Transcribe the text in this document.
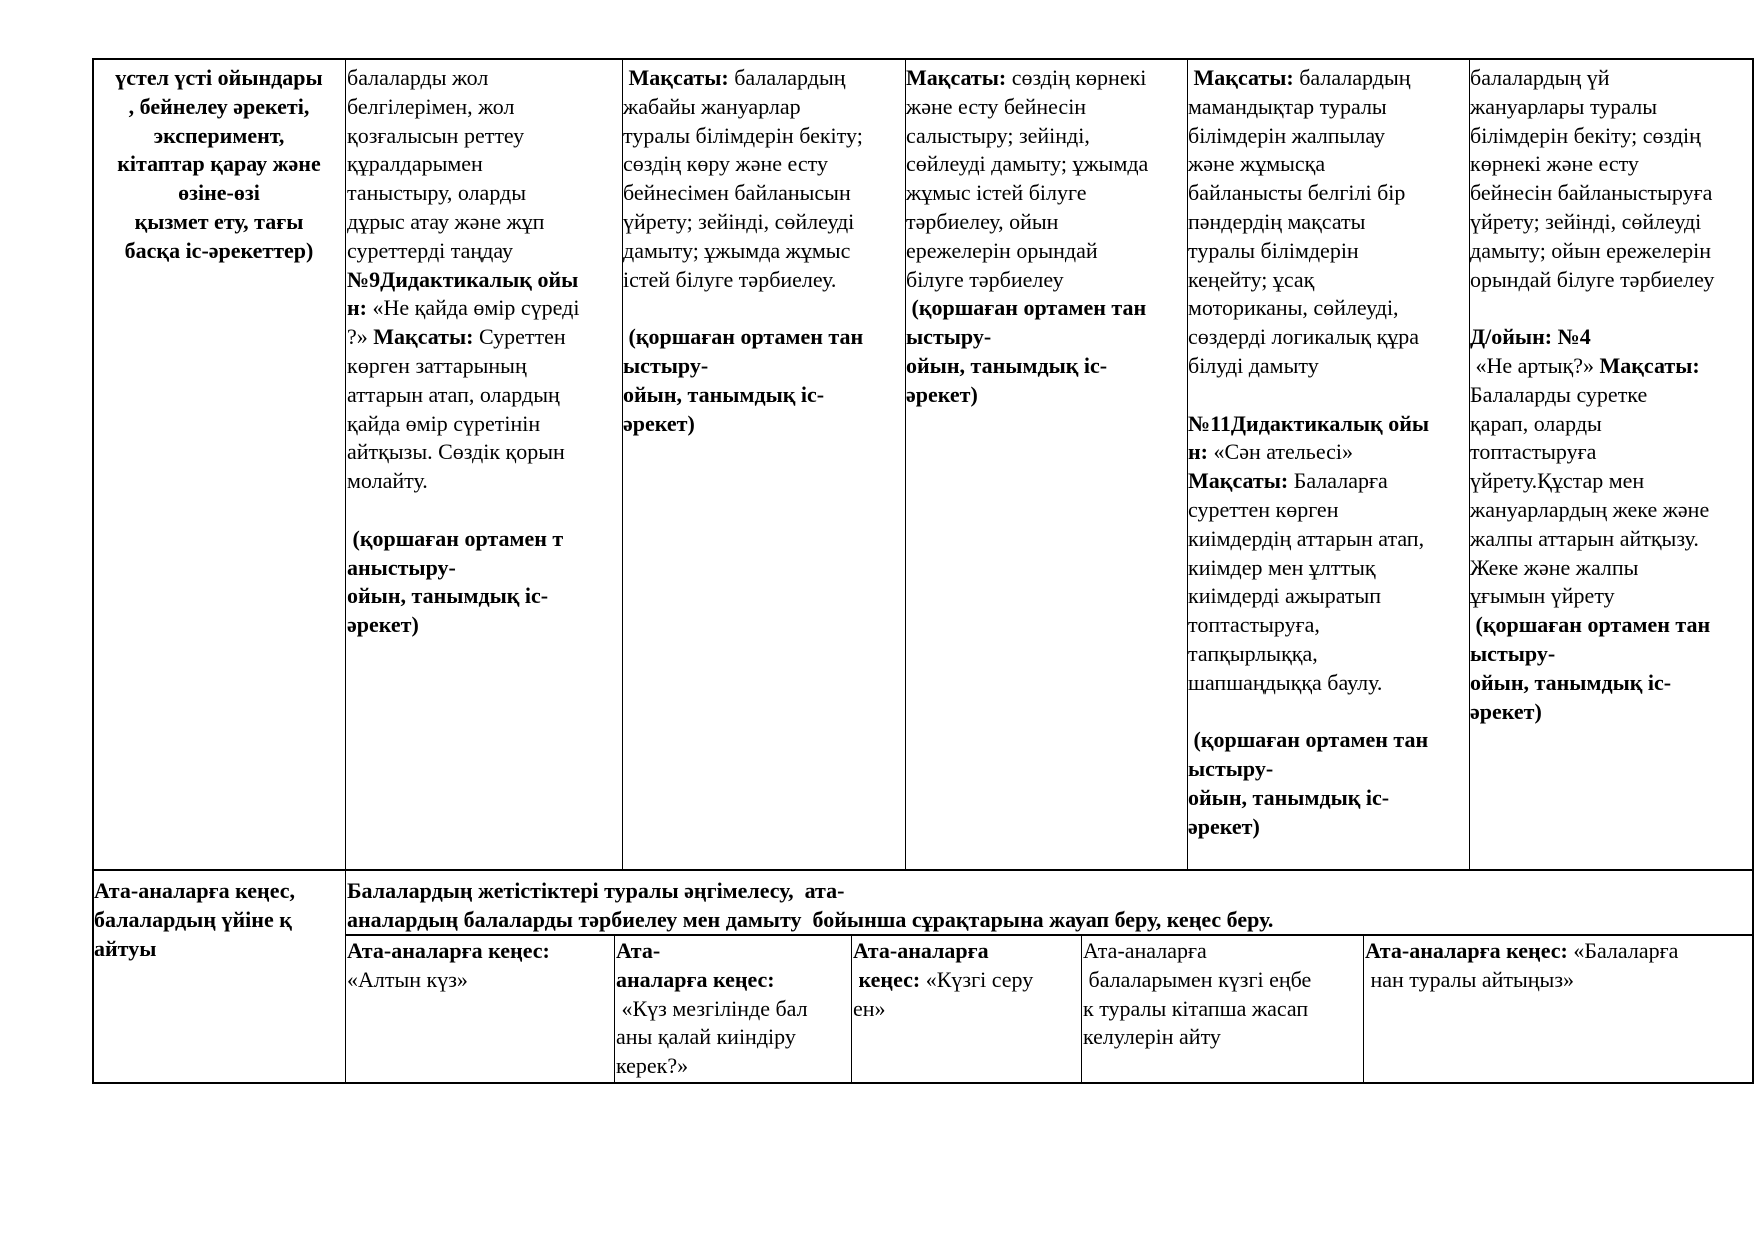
үстел үсті ойындары
, бейнелеу әрекеті,
эксперимент,
кітаптар қарау және
өзіне-өзі
қызмет ету, тағы
басқа іс-әрекеттер)
балаларды жол
белгілерімен, жол
қозғалысын реттеу
құралдарымен
таныстыру, оларды
дұрыс атау және жұп
суреттерді таңдау
№9Дидактикалық ойы
н: «Не қайда өмір сүреді
?» Мақсаты: Суреттен
көрген заттарының
аттарын атап, олардың
қайда өмір сүретінін
айтқызы. Сөздік қорын
молайту.

(қоршаған ортамен т
аныстыру-
ойын, танымдық іс-
әрекет)
Мақсаты: балалардың
жабайы жануарлар
туралы білімдерін бекіту;
сөздің көру және есту
бейнесімен байланысын
үйрету; зейінді, сөйлеуді
дамыту; ұжымда жұмыс
істей білуге тәрбиелеу.

(қоршаған ортамен тан
ыстыру-
ойын, танымдық іс-
әрекет)
Мақсаты: сөздің көрнекі
және есту бейнесін
салыстыру; зейінді,
сөйлеуді дамыту; ұжымда
жұмыс істей білуге
тәрбиелеу, ойын
ережелерін орындай
білуге тәрбиелеу
(қоршаған ортамен тан
ыстыру-
ойын, танымдық іс-
әрекет)
Мақсаты: балалардың
мамандықтар туралы
білімдерін жалпылау
және жұмысқа
байланысты белгілі бір
пәндердің мақсаты
туралы білімдерін
кеңейту; ұсақ
моториканы, сөйлеуді,
сөздерді логикалық құра
білуді дамыту

№11Дидактикалық ойы
н: «Сән ательесі»
Мақсаты: Балаларға
суреттен көрген
киімдердің аттарын атап,
киімдер мен ұлттық
киімдерді ажыратып
топтастыруға,
тапқырлыққа,
шапшаңдыққа баулу.

(қоршаған ортамен тан
ыстыру-
ойын, танымдық іс-
әрекет)
балалардың үй
жануарлары туралы
білімдерін бекіту; сөздің
көрнекі және есту
бейнесін байланыстыруға
үйрету; зейінді, сөйлеуді
дамыту; ойын ережелерін
орындай білуге тәрбиелеу

Д/ойын: №4
«Не артық?» Мақсаты:
Балаларды суретке
қарап, оларды
топтастыруға
үйрету.Құстар мен
жануарлардың жеке және
жалпы аттарын айтқызу.
Жеке және жалпы
ұғымын үйрету
(қоршаған ортамен тан
ыстыру-
ойын, танымдық іс-
әрекет)
Ата-аналарға кеңес,
балалардың үйіне қ
айтуы
Балалардың жетістіктері туралы әңгімелесу,  ата-
аналардың балаларды тәрбиелеу мен дамыту  бойынша сұрақтарына жауап беру, кеңес беру.
Ата-аналарға кеңес:
«Алтын күз»
Ата-
аналарға кеңес:
«Күз мезгілінде бал
аны қалай киіндіру
керек?»
Ата-аналарға
кеңес: «Күзгі серу
ен»
Ата-аналарға
балаларымен күзгі еңбе
к туралы кітапша жасап
келулерін айту
Ата-аналарға кеңес: «Балаларға
нан туралы айтыңыз»
